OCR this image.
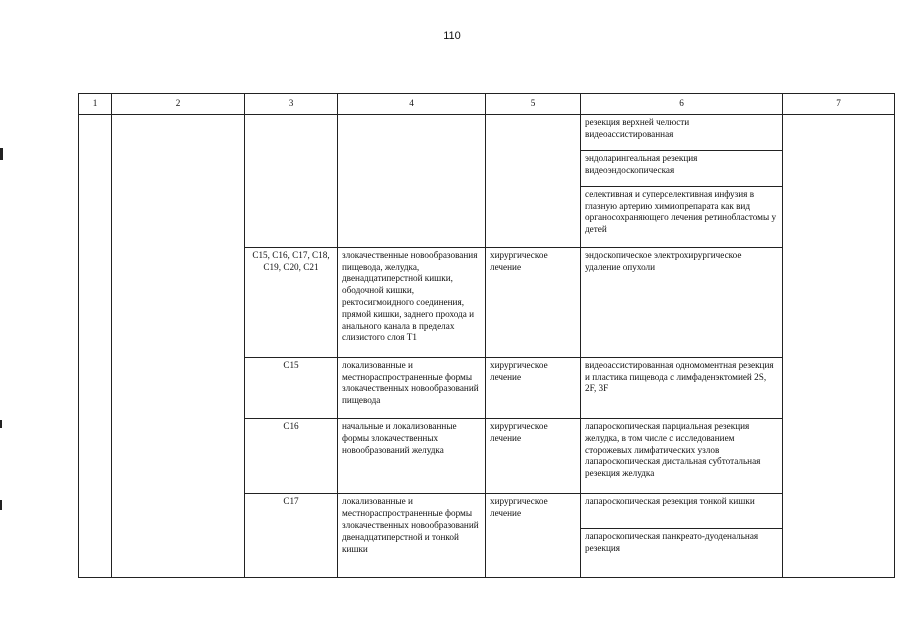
110
1	2	3	4	5	6	7
					резекция верхней челюсти видеоассистированная	
					эндоларингеальная резекция видеоэндоскопическая	
					селективная и суперселективная инфузия в глазную артерию химиопрепарата как вид органосохраняющего лечения ретинобластомы у детей	
		C15, C16, C17, C18, C19, C20, C21	злокачественные новообразования пищевода, желудка, двенадцатиперстной кишки, ободочной кишки, ректосигмоидного соединения, прямой кишки, заднего прохода и анального канала в пределах слизистого слоя T1	хирургическое лечение	эндоскопическое электрохирургическое удаление опухоли	
		C15	локализованные и местнораспространенные формы злокачественных новообразований пищевода	хирургическое лечение	видеоассистированная одномоментная резекция и пластика пищевода с лимфаденэктомией 2S, 2F, 3F	
		C16	начальные и локализованные формы злокачественных новообразований желудка	хирургическое лечение	лапароскопическая парциальная резекция желудка, в том числе с исследованием сторожевых лимфатических узлов лапароскопическая дистальная субтотальная резекция желудка	
		C17	локализованные и местнораспространенные формы злокачественных новообразований двенадцатиперстной и тонкой кишки	хирургическое лечение	лапароскопическая резекция тонкой кишки	
					лапароскопическая панкреато-дуоденальная резекция	
